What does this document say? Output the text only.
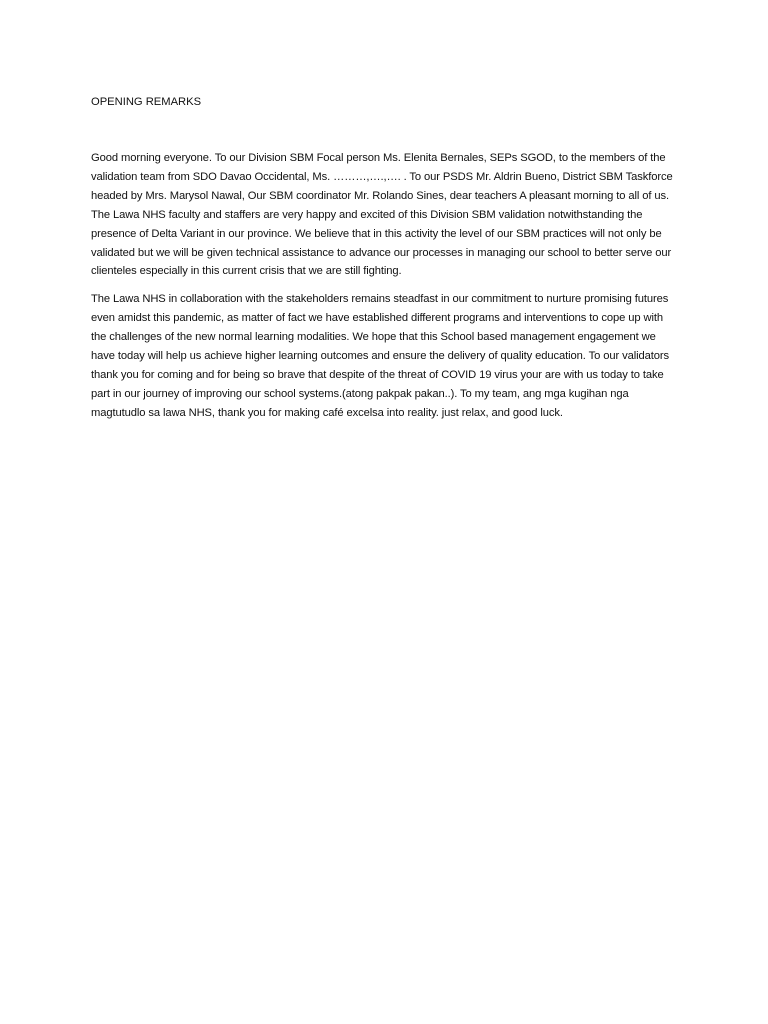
OPENING REMARKS

Good morning everyone. To our Division SBM Focal person Ms. Elenita Bernales, SEPs SGOD, to the members of the validation team from SDO Davao Occidental, Ms. ………,….,…. . To our PSDS Mr. Aldrin Bueno, District SBM Taskforce headed by Mrs. Marysol Nawal, Our SBM coordinator Mr. Rolando Sines, dear teachers A pleasant morning to all of us. The Lawa NHS faculty and staffers are very happy and excited of this Division SBM validation notwithstanding the presence of Delta Variant in our province. We believe that in this activity the level of our SBM practices will not only be validated but we will be given technical assistance to advance our processes in managing our school to better serve our clienteles especially in this current crisis that we are still fighting.

The Lawa NHS in collaboration with the stakeholders remains steadfast in our commitment to nurture promising futures even amidst this pandemic, as matter of fact we have established different programs and interventions to cope up with the challenges of the new normal learning modalities. We hope that this School based management engagement we have today will help us achieve higher learning outcomes and ensure the delivery of quality education. To our validators thank you for coming and for being so brave that despite of the threat of COVID 19 virus your are with us today to take part in our journey of improving our school systems.(atong pakpak pakan..). To my team, ang mga kugihan nga magtutudlo sa lawa NHS, thank you for making café excelsa into reality. just relax, and good luck.
